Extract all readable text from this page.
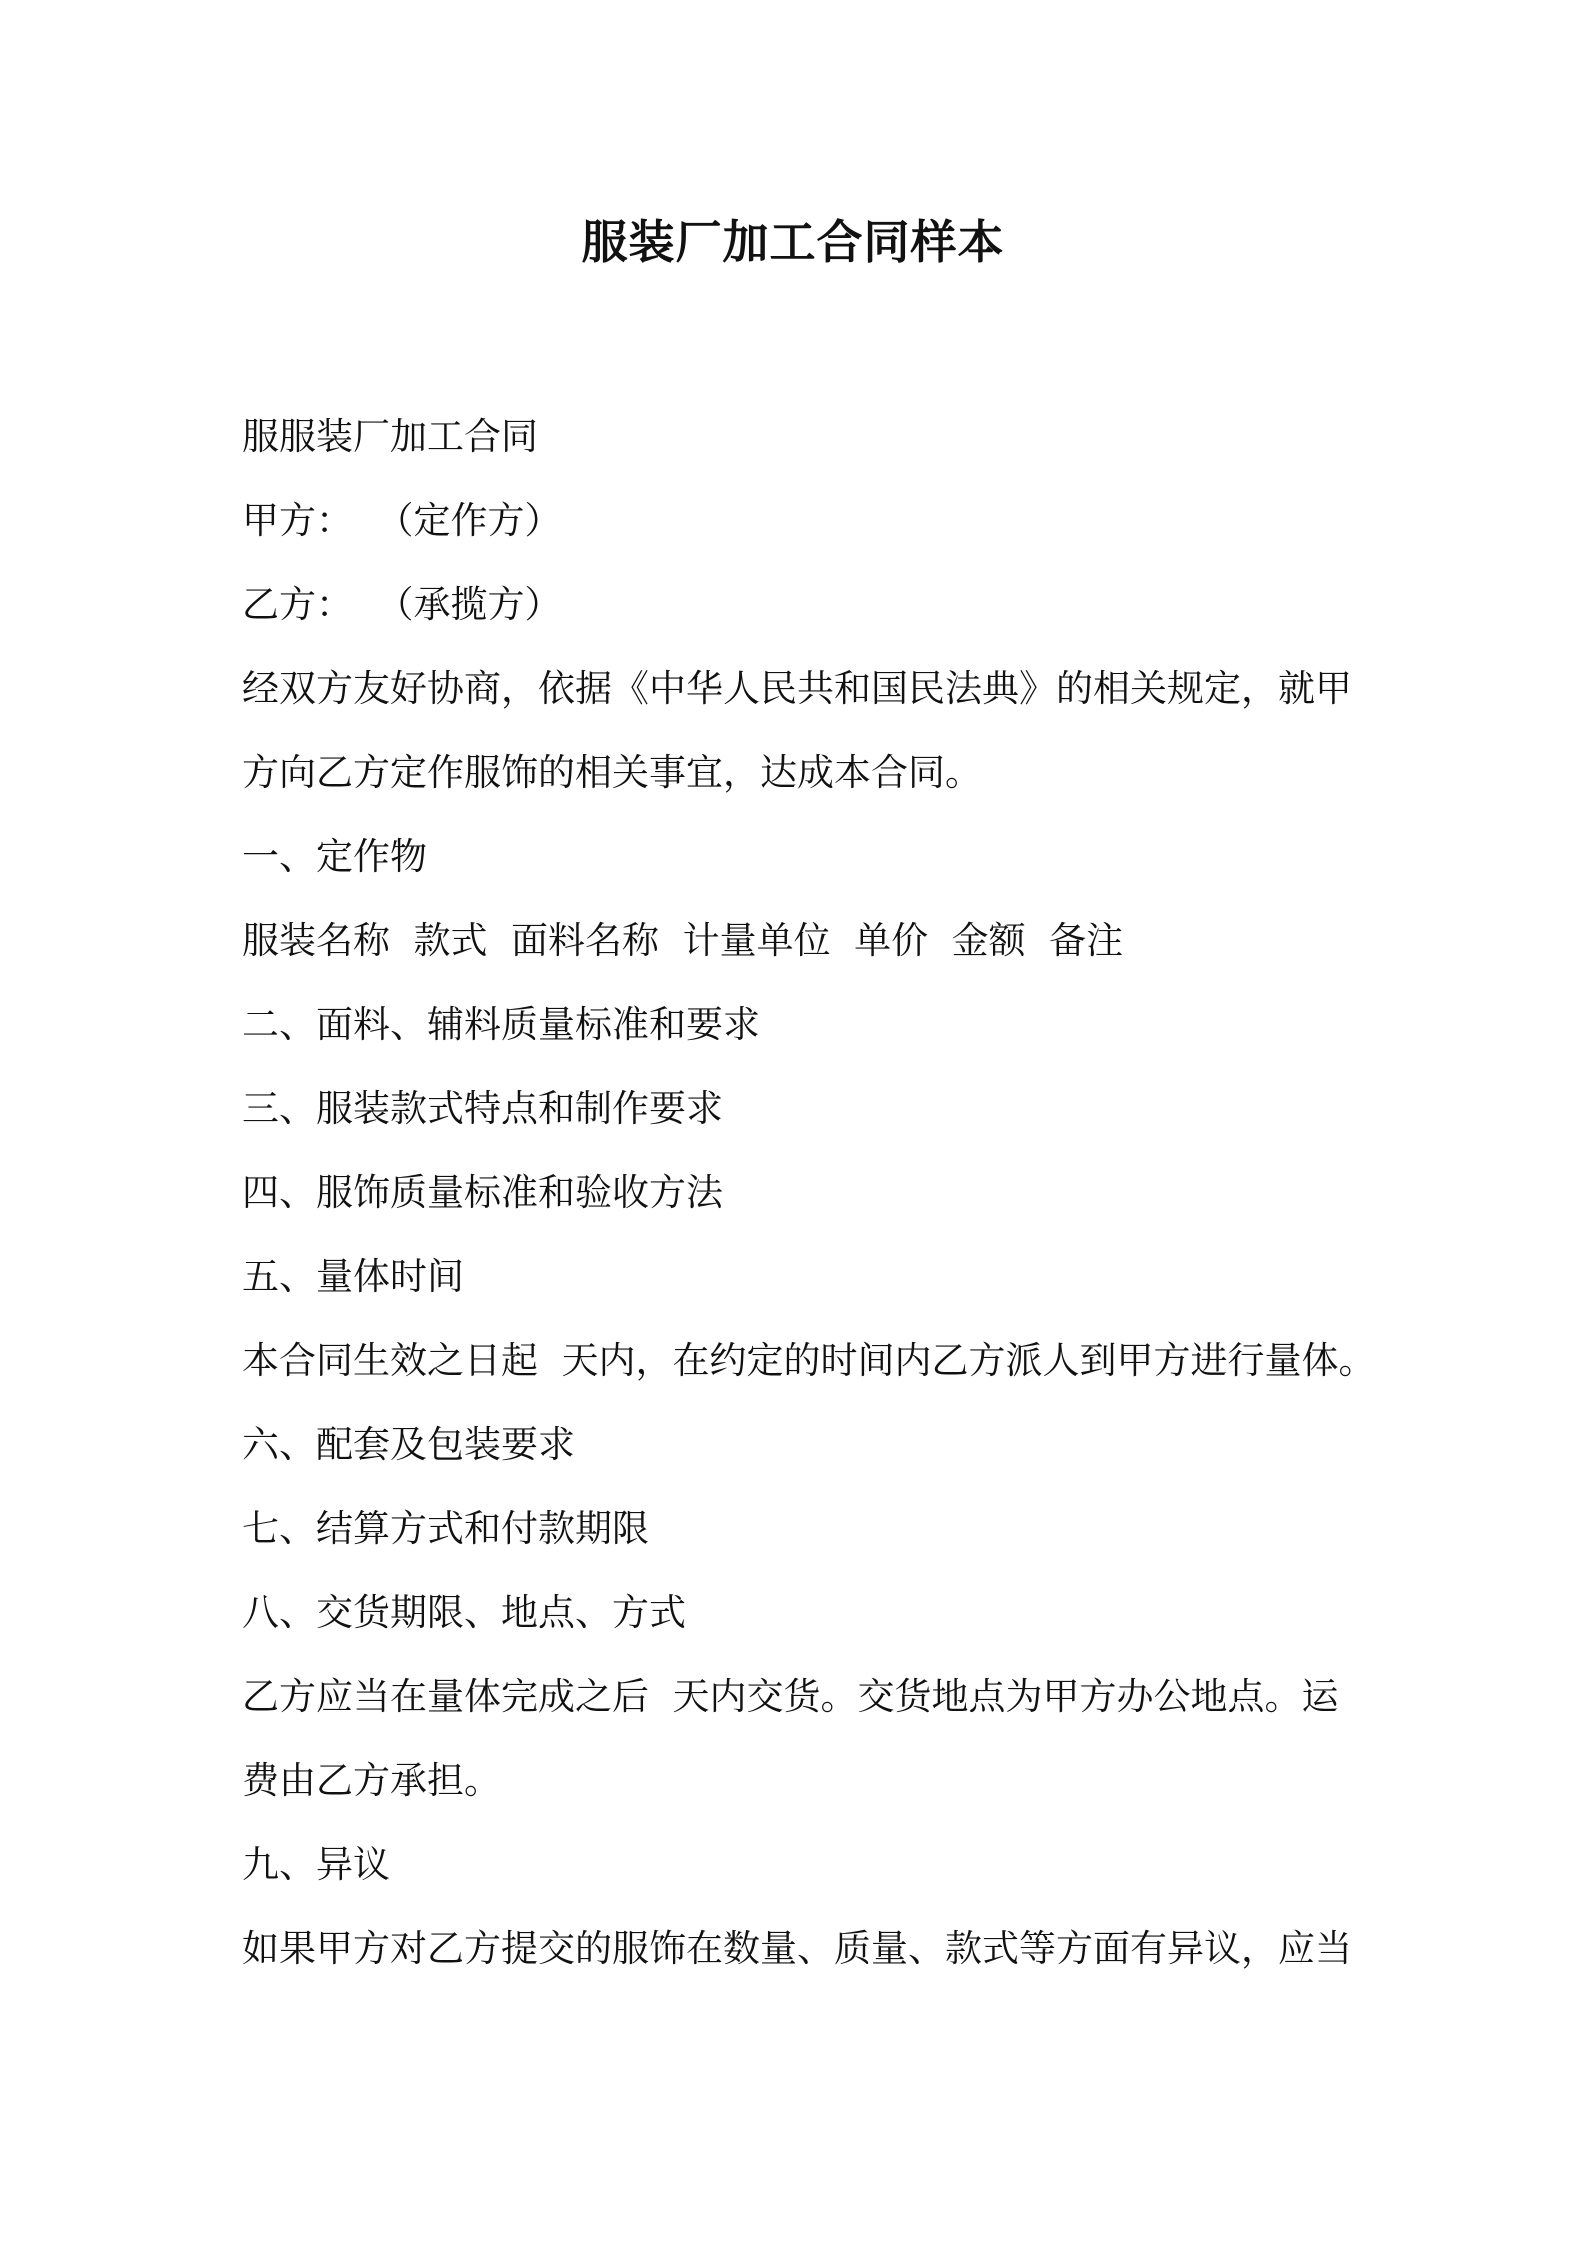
服装厂加工合同样本
服服装厂加工合同
甲方：  （定作方）
乙方：  （承揽方）
经双方友好协商，依据《中华人民共和国民法典》的相关规定，就甲
方向乙方定作服饰的相关事宜，达成本合同。
一、定作物
服装名称  款式  面料名称  计量单位  单价  金额  备注
二、面料、辅料质量标准和要求
三、服装款式特点和制作要求
四、服饰质量标准和验收方法
五、量体时间
本合同生效之日起  天内，在约定的时间内乙方派人到甲方进行量体。
六、配套及包装要求
七、结算方式和付款期限
八、交货期限、地点、方式
乙方应当在量体完成之后  天内交货。交货地点为甲方办公地点。运
费由乙方承担。
九、异议
如果甲方对乙方提交的服饰在数量、质量、款式等方面有异议，应当
